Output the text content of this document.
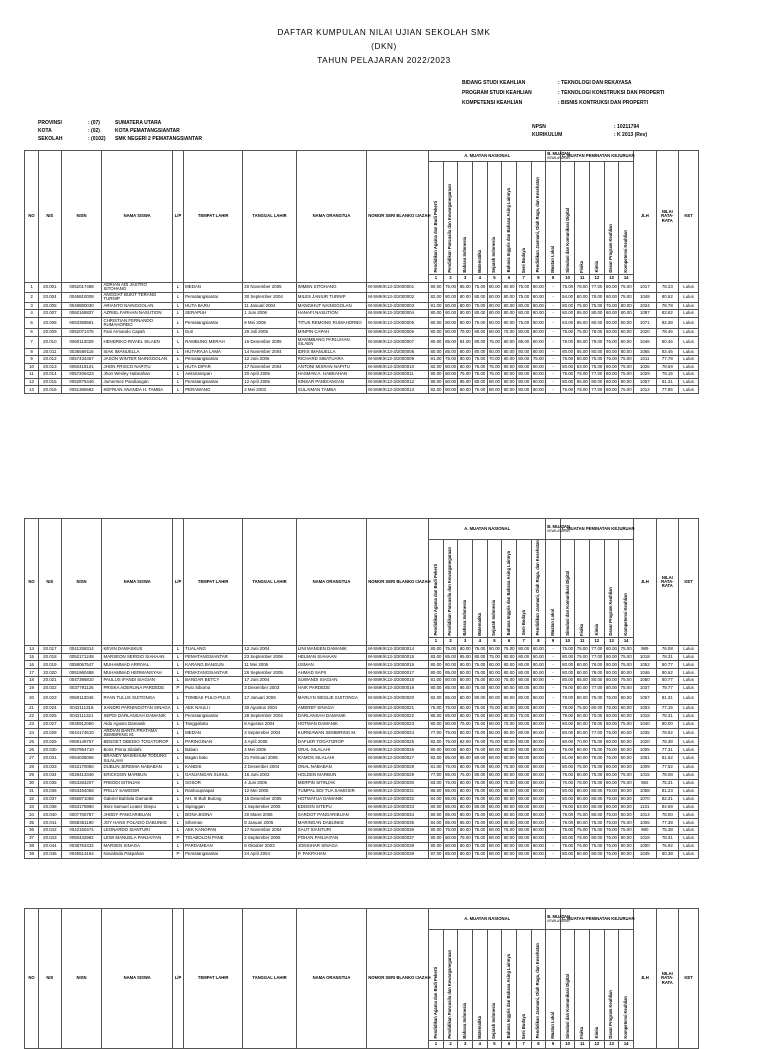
DAFTAR KUMPULAN NILAI UJIAN SEKOLAH SMK
(DKN)
TAHUN PELAJARAN 2022/2023
BIDANG STUDI KEAHLIAN	: TEKNOLOGI DAN REKAYASA
PROGRAM STUDI KEAHLIAN	: TEKNOLOGI KONSTRUKSI DAN PROPERTI
KOMPETENSI KEAHLIAN	: BISNIS KONTRUKSI DAN PROPERTI
PROVINSI	: (07)	SUMATERA UTARA
KOTA	: (02)	KOTA PEMATANGSIANTAR
SEKOLAH	: (0102) SMK NEGERI 2 PEMATANGSIANTAR
NPSN	: 10211794
KURIKULUM	: K 2013 (Rev)
NO	NIS	NISN	NAMA SISWA	L/P	TEMPAT LAHIR	TANGGAL LAHIR	NAMA ORANGTUA	NOMOR SERI BLANKO IJAZAH	A. MUATAN NASIONAL								B. MUATAN
KEWILAYAHAN	C. MUATAN PEMINATAN KEJURUAN					JLH	NILAI RATA-RATA	KET
									Pendidikan Agama dan Budi Pekerti	Pendidikan Pancasila dan Kewarganegaraan	Bahasa Indonesia	Matematika	Sejarah Indonesia	Bahasa Inggris dan Bahasa Asing Lainnya	Seni Budaya	Pendidikan Jasmani, Olah Raga, dan Kesehatan	Muatan Lokal	Simulasi dan Komunikasi Digital	Fisika	Kimia	Dasar Program Keahlian	Kompetensi Keahlian			
									1	2	3	4	5	6	7	8	9	10	11	12	13	14			
1	20.001	0052017498	ADRIAN ADI JASTRO SITOHANG	L	MEDAN	20 November 2005	IMMEN SITOHANG	M-SMK/K13-3/2000001	80.00	75.00	85.00	75.00	80.00	80.00	75.00	80.00	-	75.00	78.00	77.00	80.00	75.00	1017	78.23	Lulus
2	20.004	0046810008	ANGGIAT BUKIT TERANG TURNIP	L	Pematangsiantar	30 September 2004	MILES JANIUR TURNIP	M-SMK/K13-3/2000002	82.00	80.00	80.00	80.00	80.00	80.00	75.00	80.00	-	84.00	80.00	78.00	80.00	75.00	1048	80.62	Lulus
3	20.005	0049880030	ARIANTO NAINGGOLAN	L	HUTA BARU	11 Januari 2004	MANGIHUT NAINGGOLAN	M-SMK/K13-3/2000003	81.00	80.00	80.00	75.00	80.00	80.00	80.00	80.00	-	80.00	75.00	75.00	75.00	80.00	1024	78.78	Lulus
4	20.007	0060168837	AZRIEL FARHAN NASUTION	L	SERAPUH	1 Juni 2006	HANAFI NASUTION	M-SMK/K13-3/2000004	80.00	80.00	80.00	80.00	80.00	80.00	80.00	80.00	-	80.00	85.00	80.00	80.00	80.00	1087	83.62	Lulus
5	20.008	0053358581	CHRISTIAN FERNANDO RUMAHORBO	L	Pematangsiantar	8 Mei 2006	TITUS REMONG RUMAHORBO	M-SMK/K13-3/2000005	80.00	80.00	80.00	75.00	80.00	80.00	75.00	80.00	-	83.00	85.00	80.00	80.00	80.00	1071	82.38	Lulus
6	20.009	0052071476	Fani Armando Capah	L	Duri	29 Juli 2005	MINPIN CAPAH	M-SMK/K13-3/2000006	80.00	80.00	78.00	80.00	80.00	75.00	80.00	80.00	-	75.00	75.00	78.00	80.00	80.00	1020	78.46	Lulus
7	20.010	0060113029	HENDRIKO RIVAEL SILAEN	L	RAMBUNG MERAH	16 Desember 2006	MANIMBANG PARLUHAN SILAEN	M-SMK/K13-3/2000007	80.00	85.00	84.00	80.00	75.00	80.00	85.00	80.00	-	79.00	85.00	79.00	75.00	80.00	1046	80.46	Lulus
8	20.011	0036569116	ISAK IMANUELLA	L	HUTARAJA LAMA	14 November 2004	IDRIS IMANUELLA	M-SMK/K13-3/2000008	80.00	85.00	80.00	80.00	80.00	80.00	80.00	80.00	-	80.00	85.00	80.00	80.00	80.00	1065	83.46	Lulus
9	20.012	0057434457	JASON WINTER NAINGGOLAN	L	Pematangsiantar	12 Juni 2006	RICHARD SIBATUARA	M-SMK/K13-3/2000009	81.00	75.00	80.00	75.00	70.00	80.00	80.00	75.00	-	75.00	80.00	75.00	75.00	75.00	1011	77.78	Lulus
10	20.013	0050418101	JHON FRISCO NAPITU	L	HUTA DIPAR	17 November 2004	ANTONI MISRAN NAPITU	M-SMK/K13-3/2000010	82.00	80.00	80.00	75.00	75.00	80.00	80.00	80.00	-	80.00	83.00	75.00	80.00	75.00	1026	78.69	Lulus
11	20.014	0057206423	Jhon Wesley Habeahan	L	Aeksiranspan	20 April 2005	HASMAN A. HABEAHAN	M-SMK/K13-3/2000011	80.00	80.00	75.00	75.00	75.00	80.00	80.00	80.00	-	79.00	78.00	77.00	80.00	75.00	1029	79.15	Lulus
12	20.015	0052875446	Jumermez Pandiangan	L	Pematangsiantar	12 April 2005	SINSAR PANDIANGAN	M-SMK/K13-3/2000012	85.00	80.00	85.00	80.00	80.00	80.00	80.00	80.00	-	80.00	85.00	80.00	80.00	80.00	1057	81.31	Lulus
13	20.016	0051385682	KEFRIAN ANANDA H. TAMBA	L	PERAWANG	2 Mei 2003	SULAIMAN TAMBA	M-SMK/K13-3/2000013	82.00	80.00	80.00	75.00	80.00	80.00	80.00	80.00	-	75.00	78.00	77.00	80.00	75.00	1012	77.85	Lulus
NO	NIS	NISN	NAMA SISWA	L/P	TEMPAT LAHIR	TANGGAL LAHIR	NAMA ORANGTUA	NOMOR SERI BLANKO IJAZAH	A. MUATAN NASIONAL								B. MUATAN
KEWILAYAHAN	C. MUATAN PEMINATAN KEJURUAN					JLH	NILAI RATA-RATA	KET
									Pendidikan Agama dan Budi Pekerti	Pendidikan Pancasila dan Kewarganegaraan	Bahasa Indonesia	Matematika	Sejarah Indonesia	Bahasa Inggris dan Bahasa Asing Lainnya	Seni Budaya	Pendidikan Jasmani, Olah Raga, dan Kesehatan	Muatan Lokal	Simulasi dan Komunikasi Digital	Fisika	Kimia	Dasar Program Keahlian	Kompetensi Keahlian			
									1	2	3	4	5	6	7	8	9	10	11	12	13	14			
14	20.017	0041258314	KEVIN DAMASKUS	L	TUALANG	12 Juni 2004	LINI MANSEN DAMANIK	M-SMK/K13-3/2000014	80.00	75.00	80.00	75.00	80.00	75.00	80.00	80.00	-	75.00	75.00	77.00	80.00	75.00	989	76.08	Lulus
15	20.018	0052171248	MARSEON SERGIO SIAHAAN	L	PEMATANGSIANTAR	23 September 2006	HELMAN SIAHAAN	M-SMK/K13-3/2000015	83.00	85.00	85.00	80.00	75.00	80.00	80.00	80.00	-	80.00	75.00	77.00	80.00	75.00	1018	78.31	Lulus
16	20.019	0058067547	MUHAMMAD ARRIVAL	L	KARANG BANGUN	11 Mei 2006	USMAN	M-SMK/K13-3/2000016	80.00	80.00	80.00	75.00	80.00	80.00	80.00	80.00	-	80.00	80.00	78.00	80.00	75.00	1052	80.77	Lulus
17	20.020	0051960488	MUHAMMAD HERMANSYAH	L	PEMATANGSIANTAR	26 September 2005	AHMAD SAPII	M-SMK/K13-3/2000017	80.00	85.00	80.00	75.00	80.00	80.00	80.00	80.00	-	80.00	80.00	78.00	80.00	80.00	1046	80.62	Lulus
18	20.021	0047395810	PAULUS IFANDI SIAGIAN	L	BANDAR BETCY	17 Juni 2004	SUWANDI SIAGIAN	M-SMK/K13-3/2000018	81.00	80.00	80.00	75.00	80.00	75.00	80.00	80.00	-	80.00	85.00	80.00	80.00	75.00	1050	80.77	Lulus
19	20.022	0037791126	PRISKA ADERLINA PARDEDE	P	Pulo Siborna	3 Desember 2003	HAIK PARDEDE	M-SMK/K13-3/2000019	80.00	85.00	85.00	75.00	80.00	80.00	80.00	80.00	-	79.00	80.00	77.00	80.00	75.00	1037	79.77	Lulus
20	20.023	0060113046	RYAN TULUS SIJITONGA	L	TOMBAK PULO-PULO	17 Januari 2006	MARLYN WESLIE SIJITONGA	M-SMK/K13-3/2000020	82.00	85.00	80.00	80.00	80.00	80.00	80.00	80.00	-	79.00	80.00	79.00	75.00	80.00	1057	81.31	Lulus
21	20.024	0042111318	SANDRI PARNINGOTAN SINAGA	L	AEK NAULI I	30 Agustus 2004	AMEREF SINAGA	M-SMK/K13-3/2000021	75.00	75.00	80.00	75.00	75.00	80.00	80.00	80.00	-	78.00	75.00	80.00	75.00	80.00	1003	77.15	Lulus
22	20.025	0042111321	SEPDI DARLANSAH DAMANIK	L	Pematangsiantar	28 September 2004	DARLANSAH DAMANIK	M-SMK/K13-3/2000022	85.00	85.00	80.00	75.00	80.00	80.00	75.00	80.00	-	79.00	80.00	75.00	80.00	80.00	1018	78.31	Lulus
23	20.027	0045912050	Aldo Agusto Damanik	L	Tanggabatu	8 Agustus 2004	HOTMAN DAMANIK	M-SMK/K13-3/2000023	80.00	80.00	75.00	75.00	80.00	75.00	80.00	80.00	-	80.00	80.00	78.00	80.00	75.00	1040	80.00	Lulus
24	20.028	0044174510	ARDIAN BANTA PRATAMA SEMBIRING M.	L	MEDAN	3 September 2004	KURNIAWAN SEMBIRING M.	M-SMK/K13-3/2000024	77.00	75.00	80.00	75.00	80.00	80.00	80.00	80.00	-	80.00	80.00	77.00	75.00	80.00	1035	79.62	Lulus
25	20.029	0059149757	BENGET OBEDIO TOGATOROP	L	PARINGINAN	4 April 2005	DAFLER TOGATOROP	M-SMK/K13-3/2000025	82.00	75.00	82.00	75.00	75.00	80.00	80.00	80.00	-	80.00	70.00	75.00	80.00	80.00	1020	78.38	Lulus
26	20.030	0057954710	Boris Prima Silalahi	L	Baban	4 Mei 2005	ORAL SILALAHI	M-SMK/K13-3/2000026	80.00	80.00	80.00	75.00	80.00	80.00	80.00	80.00	-	75.00	80.00	75.00	75.00	80.00	1005	77.31	Lulus
27	20.031	0054035006	BRANDY MASIKHUM TODUNG SILALAHI	L	Bagan batu	21 Februari 2005	RAMOS SILALAHI	M-SMK/K13-3/2000027	82.00	85.00	85.00	80.00	80.00	80.00	80.00	80.00	-	81.00	80.00	78.00	75.00	80.00	1061	81.62	Lulus
28	20.033	0042170050	DUBLIN JEREMIA NABABAN	L	KANDIS	2 Desember 2004	ONAL NABABAN	M-SMK/K13-3/2000028	81.00	75.00	80.00	75.00	80.00	75.00	80.00	80.00	-	80.00	75.00	75.00	80.00	80.00	1009	77.62	Lulus
29	20.034	0028413346	ERICKSON MARBUN	L	GANJANGAN SUHUL	16 Juni 2002	HOLDEN MARBUN	M-SMK/K13-3/2000029	77.00	85.00	75.00	80.00	80.00	80.00	80.00	80.00	-	78.00	80.00	75.00	80.00	75.00	1015	78.08	Lulus
30	20.035	0053284207	FREDDI SITINJAK	L	SOSOR	4 Juni 2005	MERPIN SITINJAK	M-SMK/K13-3/2000030	83.00	75.00	80.00	75.00	80.00	75.00	80.00	80.00	-	70.00	78.00	75.00	80.00	75.00	982	75.31	Lulus
31	20.036	0053454058	FRILLY SAMOSIR	L	Ranboupnapat	12 Mei 2005	TUMPAL EDI TUA SAMOSIR	M-SMK/K13-3/2000031	85.00	85.00	80.00	75.00	80.00	80.00	80.00	80.00	-	80.00	80.00	80.00	75.00	80.00	1058	81.23	Lulus
32	20.037	0056871058	Gabriel Bablisla Damanik	L	AH. III Buh Butong	15 Desember 2005	HOTMATUA DAMANIK	M-SMK/K13-3/2000032	84.00	85.00	80.00	75.00	80.00	80.00	80.00	80.00	-	80.00	80.00	80.00	75.00	80.00	1070	82.31	Lulus
33	20.038	0053175980	Iksni Samuel Leater Sitepu	L	Sipinggan	1 September 2005	EDISON SITEPU	M-SMK/K13-3/2000033	80.00	85.00	80.00	80.00	80.00	80.00	80.00	80.00	-	79.00	83.00	80.00	80.00	80.00	1101	84.69	Lulus
34	20.040	0007706787	JHODY PANGARIBUAN	L	BONA BIONA	20 Maret 2006	SARDOT PANGARIBUAN	M-SMK/K13-3/2000034	80.00	85.00	80.00	75.00	80.00	80.00	80.00	80.00	-	79.00	75.00	80.00	75.00	80.00	1014	78.00	Lulus
35	20.041	0058351190	JOY HANS FOLADO DABUNKE	L	Siheman	8 Januari 2005	MARINGAN DABUNKE	M-SMK/K13-3/2000035	84.00	85.00	85.00	75.00	80.00	80.00	80.00	80.00	-	79.00	80.00	75.00	75.00	75.00	1006	77.38	Lulus
36	20.042	0042150474	LEONARDO SIANTURI	L	AEK KANOPAN	17 November 2004	SAUT SIANTURI	M-SMK/K13-3/2000036	80.00	75.00	80.00	75.00	80.00	75.00	80.00	80.00	-	75.00	75.00	75.00	75.00	75.00	980	75.38	Lulus
37	20.043	0050432982	LEWI MANUELA PANJAITAN	P	TIGABOLON PANE	2 September 2006	POHAN PANJAITAN	M-SMK/K13-3/2000037	80.00	80.00	78.00	75.00	80.00	80.00	80.00	80.00	-	80.00	78.00	80.00	75.00	80.00	1018	78.31	Lulus
38	20.044	0038763432	MARSEN SINAGA	L	PARDAMEAN	8 Oktober 2003	JONSIHAR SINAGA	M-SMK/K13-3/2000038	80.00	80.00	80.00	75.00	80.00	80.00	80.00	80.00	-	79.00	76.00	75.00	75.00	80.00	1000	76.92	Lulus
39	20.045	0045513164	Novalinda Pakpahan	P	Pematangsiantar	24 April 2004	P. PAKPAHAN	M-SMK/K13-3/2000039	87.00	85.00	80.00	75.00	80.00	80.00	80.00	80.00	-	80.00	80.00	80.00	75.00	80.00	1045	80.38	Lulus
NO	NIS	NISN	NAMA SISWA	L/P	TEMPAT LAHIR	TANGGAL LAHIR	NAMA ORANGTUA	NOMOR SERI BLANKO IJAZAH	A. MUATAN NASIONAL								B. MUATAN
KEWILAYAHAN	C. MUATAN PEMINATAN KEJURUAN					JLH	NILAI RATA-RATA	KET
									Pendidikan Agama dan Budi Pekerti	Pendidikan Pancasila dan Kewarganegaraan	Bahasa Indonesia	Matematika	Sejarah Indonesia	Bahasa Inggris dan Bahasa Asing Lainnya	Seni Budaya	Pendidikan Jasmani, Olah Raga, dan Kesehatan	Muatan Lokal	Simulasi dan Komunikasi Digital	Fisika	Kimia	Dasar Program Keahlian	Kompetensi Keahlian			
									1	2	3	4	5	6	7	8	9	10	11	12	13	14			
